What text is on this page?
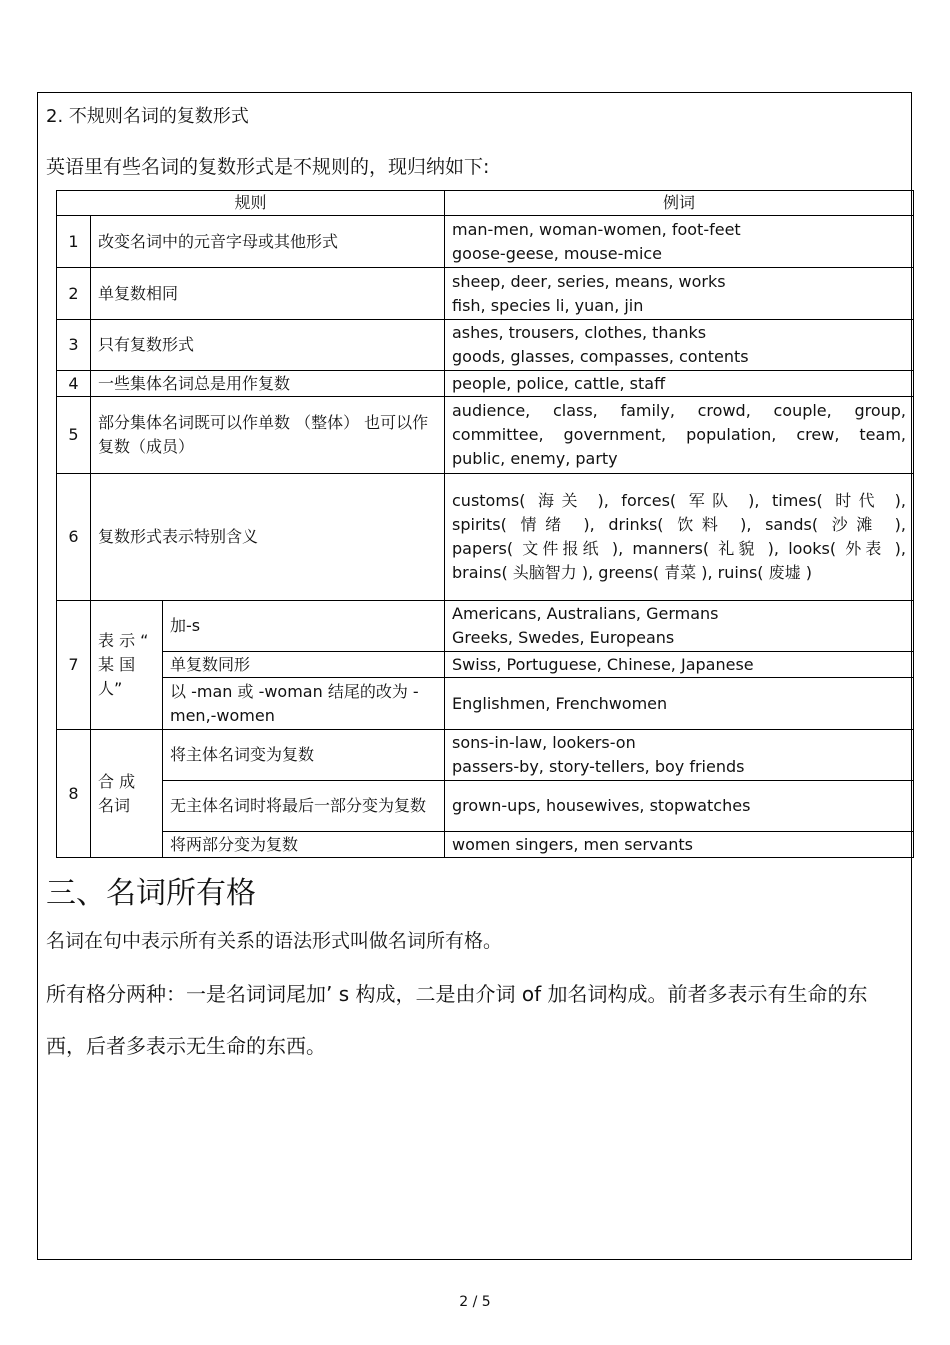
2. 不规则名词的复数形式
英语里有些名词的复数形式是不规则的，现归纳如下:
规则			例词
1	改变名词中的元音字母或其他形式		man-men, woman-women, foot-feet
goose-geese, mouse-mice

2	单复数相同		sheep, deer, series, means, works
fish, species li, yuan, jin

3	只有复数形式		ashes, trousers, clothes, thanks
goods, glasses, compasses, contents

4	一些集体名词总是用作复数		people, police, cattle, staff

5	部分集体名词既可以作单数 （整体） 也可以作复数（成员）		audience, class, family, crowd, couple, group,
committee, government, population, crew, team,
public, enemy, party

6	复数形式表示特别含义		customs( 海关 ), forces( 军队 ), times( 时代 ),
spirits( 情绪 ), drinks( 饮料 ), sands( 沙滩 ),
papers( 文件报纸 ), manners( 礼貌 ), looks( 外表 ),
brains( 头脑智力 ), greens( 青菜 ), ruins( 废墟 )

7	表 示 “ 某 国人”	加-s	Americans, Australians, Germans
Greeks, Swedes, Europeans

		单复数同形	Swiss, Portuguese, Chinese, Japanese

		以 -man 或 -woman 结尾的改为 -men,-women	Englishmen, Frenchwomen

8	合 成 名词	将主体名词变为复数	sons-in-law, lookers-on
passers-by, story-tellers, boy friends

		无主体名词时将最后一部分变为复数	grown-ups, housewives, stopwatches

		将两部分变为复数	women singers, men servants
三、名词所有格
名词在句中表示所有关系的语法形式叫做名词所有格。
所有格分两种：一是名词词尾加’ s 构成，二是由介词 of 加名词构成。前者多表示有生命的东西，后者多表示无生命的东西。
2 / 5
